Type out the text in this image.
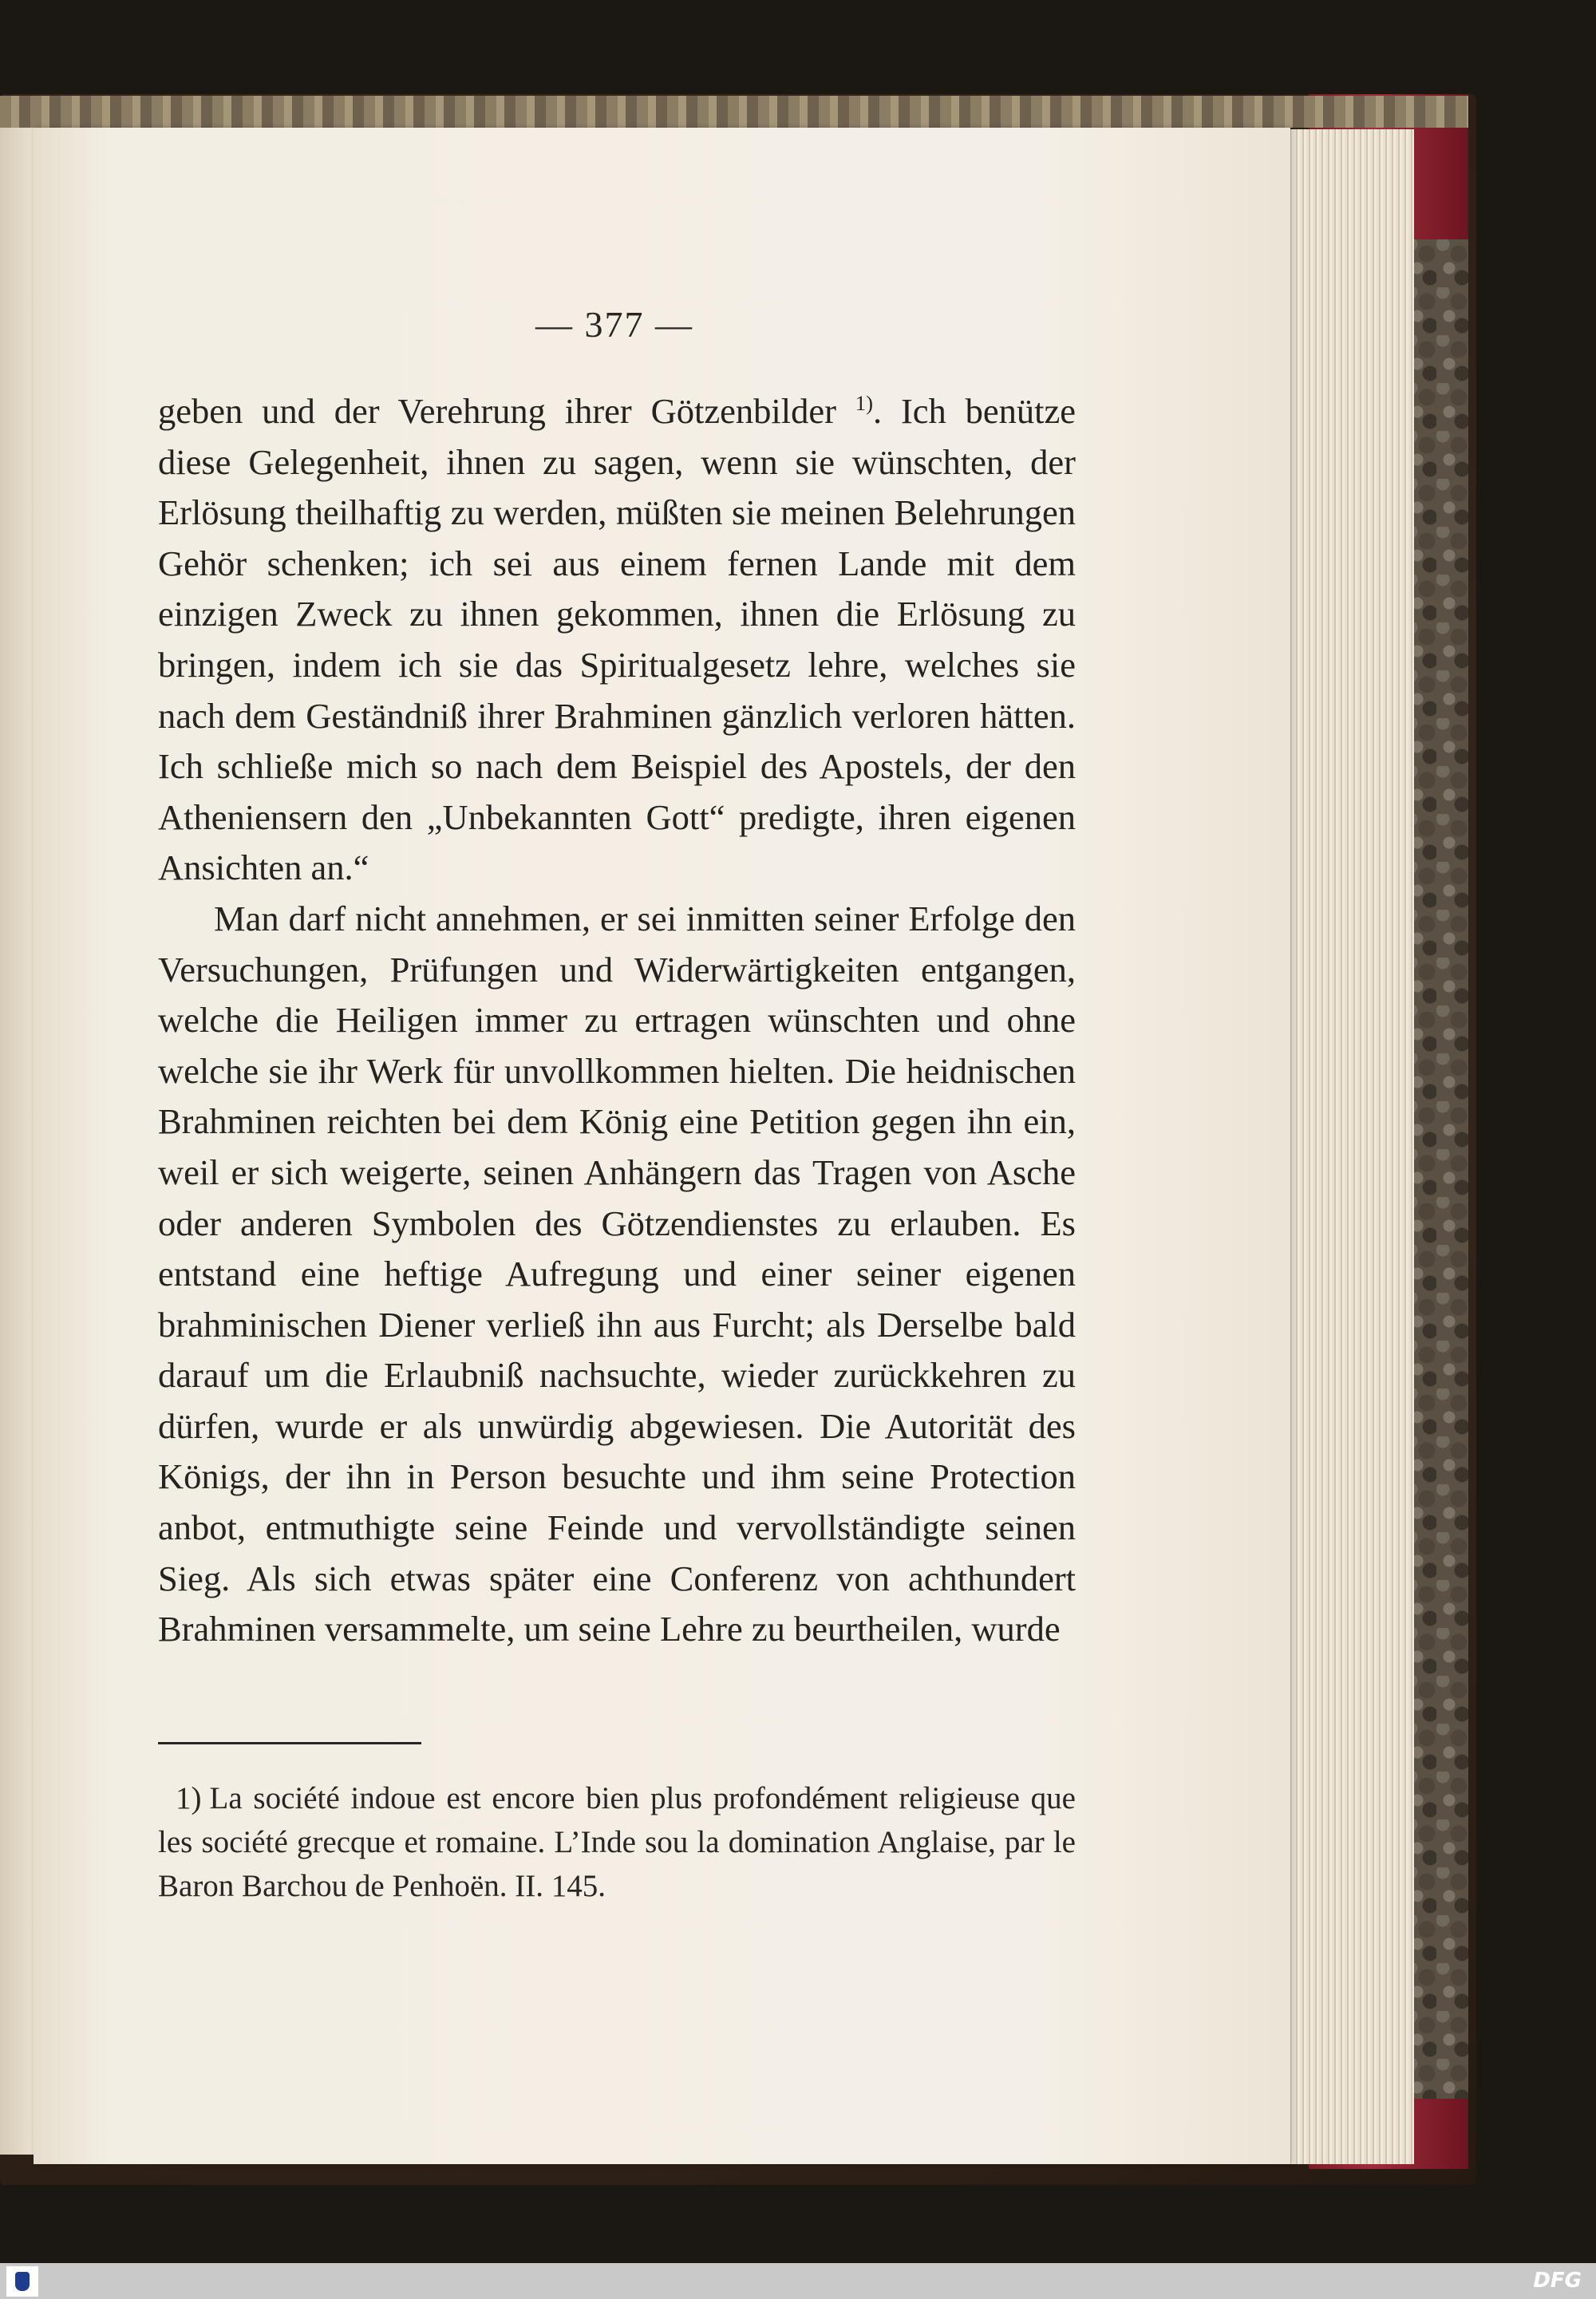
— 377 —

geben und der Verehrung ihrer Götzenbilder $^{1)}$. Ich benütze diese Gelegenheit, ihnen zu sagen, wenn sie wünschten, der Erlösung theilhaftig zu werden, müßten sie meinen Belehrungen Gehör schenken; ich sei aus einem fernen Lande mit dem einzigen Zweck zu ihnen gekommen, ihnen die Erlösung zu bringen, indem ich sie das Spiritualgesetz lehre, welches sie nach dem Geständniß ihrer Brahminen gänzlich verloren hätten. Ich schließe mich so nach dem Beispiel des Apostels, der den Atheniensern den „Unbekannten Gott“ predigte, ihren eigenen Ansichten an.“

Man darf nicht annehmen, er sei inmitten seiner Erfolge den Versuchungen, Prüfungen und Widerwärtigkeiten entgangen, welche die Heiligen immer zu ertragen wünschten und ohne welche sie ihr Werk für unvollkommen hielten. Die heidnischen Brahminen reichten bei dem König eine Petition gegen ihn ein, weil er sich weigerte, seinen Anhängern das Tragen von Asche oder anderen Symbolen des Götzendienstes zu erlauben. Es entstand eine heftige Aufregung und einer seiner eigenen brahminischen Diener verließ ihn aus Furcht; als Derselbe bald darauf um die Erlaubniß nachsuchte, wieder zurückkehren zu dürfen, wurde er als unwürdig abgewiesen. Die Autorität des Königs, der ihn in Person besuchte und ihm seine Protection anbot, entmuthigte seine Feinde und vervollständigte seinen Sieg. Als sich etwas später eine Conferenz von achthundert Brahminen versammelte, um seine Lehre zu beurtheilen, wurde

1) La société indoue est encore bien plus profondément religieuse que les société grecque et romaine. L’Inde sou la domination Anglaise, par le Baron Barchou de Penhoën. II. 145.
DFG
